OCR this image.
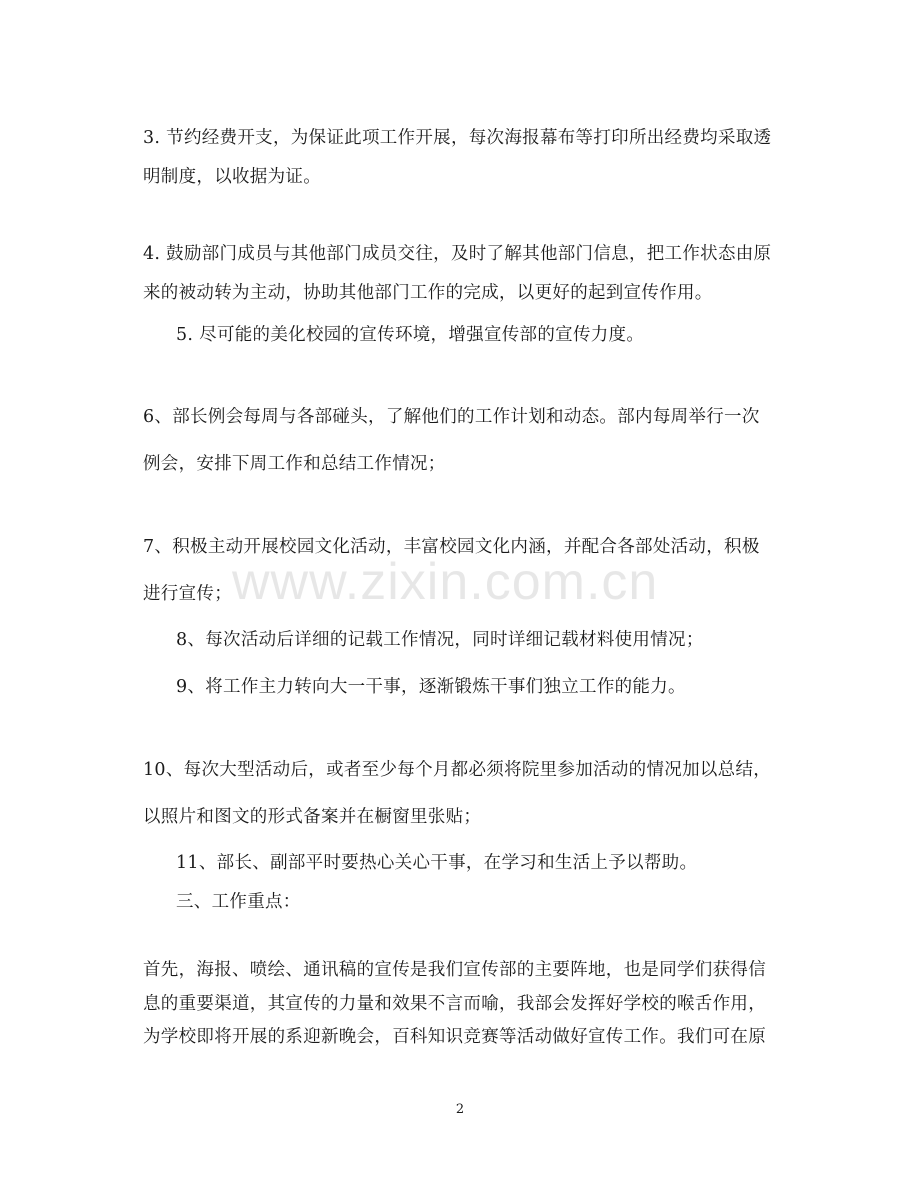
3. 节约经费开支，为保证此项工作开展，每次海报幕布等打印所出经费均采取透
明制度，以收据为证。
4. 鼓励部门成员与其他部门成员交往，及时了解其他部门信息，把工作状态由原
来的被动转为主动，协助其他部门工作的完成，以更好的起到宣传作用。
5. 尽可能的美化校园的宣传环境，增强宣传部的宣传力度。
6、部长例会每周与各部碰头，了解他们的工作计划和动态。部内每周举行一次
例会，安排下周工作和总结工作情况；
7、积极主动开展校园文化活动，丰富校园文化内涵，并配合各部处活动，积极
进行宣传；
8、每次活动后详细的记载工作情况，同时详细记载材料使用情况；
9、将工作主力转向大一干事，逐渐锻炼干事们独立工作的能力。
10、每次大型活动后，或者至少每个月都必须将院里参加活动的情况加以总结，
以照片和图文的形式备案并在橱窗里张贴；
11、部长、副部平时要热心关心干事，在学习和生活上予以帮助。
三、工作重点：
首先，海报、喷绘、通讯稿的宣传是我们宣传部的主要阵地，也是同学们获得信
息的重要渠道，其宣传的力量和效果不言而喻，我部会发挥好学校的喉舌作用，
为学校即将开展的系迎新晚会，百科知识竞赛等活动做好宣传工作。我们可在原
www.zixin.com.cn
2
